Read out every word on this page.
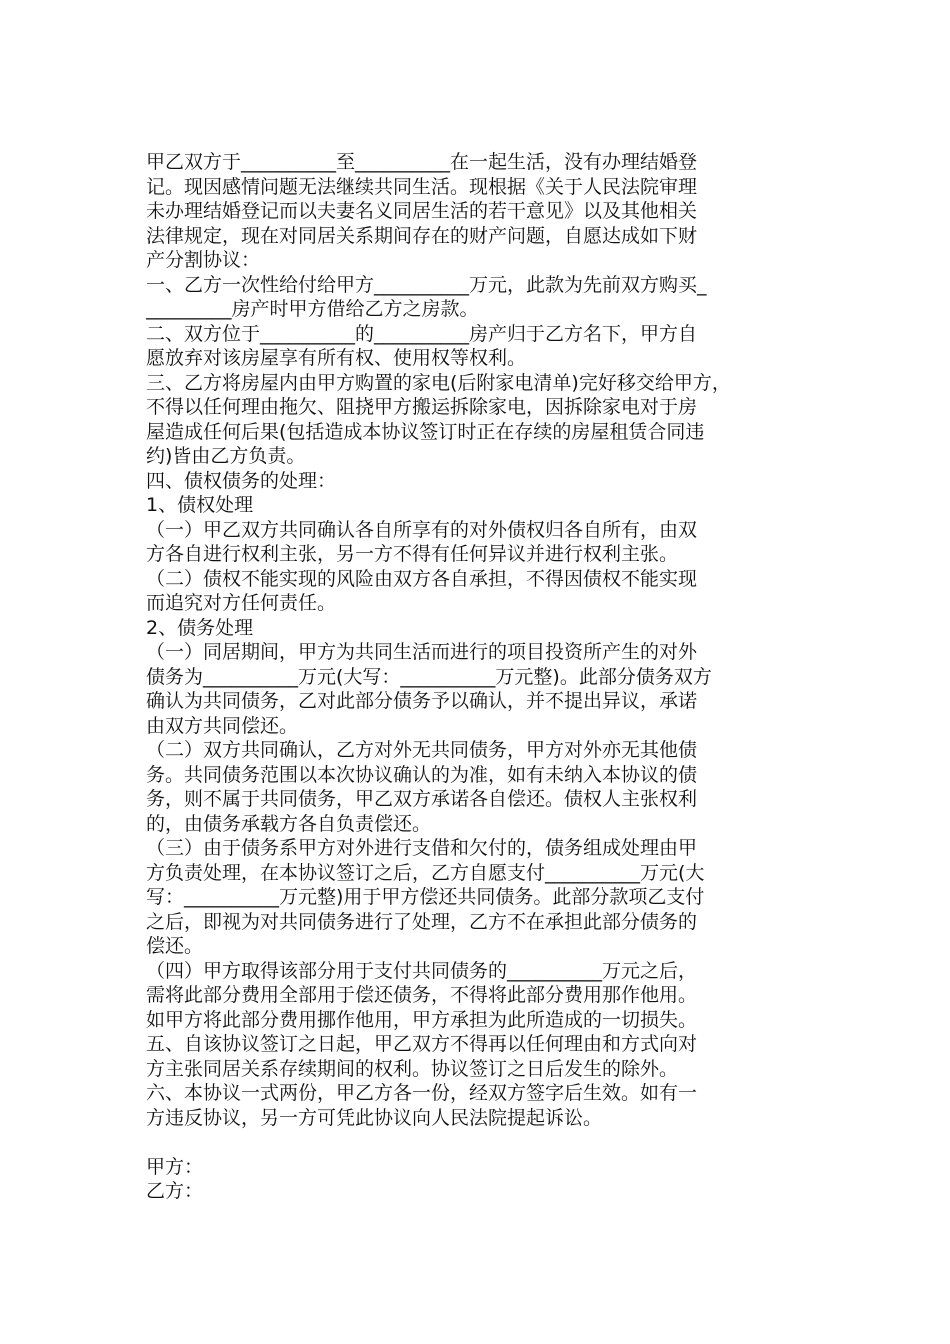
甲乙双方于__________至__________在一起生活，没有办理结婚登
记。现因感情问题无法继续共同生活。现根据《关于人民法院审理
未办理结婚登记而以夫妻名义同居生活的若干意见》以及其他相关
法律规定，现在对同居关系期间存在的财产问题，自愿达成如下财
产分割协议：
一、乙方一次性给付给甲方__________万元，此款为先前双方购买_
_________房产时甲方借给乙方之房款。
二、双方位于__________的__________房产归于乙方名下，甲方自
愿放弃对该房屋享有所有权、使用权等权利。
三、乙方将房屋内由甲方购置的家电(后附家电清单)完好移交给甲方，
不得以任何理由拖欠、阻挠甲方搬运拆除家电，因拆除家电对于房
屋造成任何后果(包括造成本协议签订时正在存续的房屋租赁合同违
约)皆由乙方负责。
四、债权债务的处理：
1、债权处理
（一）甲乙双方共同确认各自所享有的对外债权归各自所有，由双
方各自进行权利主张，另一方不得有任何异议并进行权利主张。
（二）债权不能实现的风险由双方各自承担，不得因债权不能实现
而追究对方任何责任。
2、债务处理
（一）同居期间，甲方为共同生活而进行的项目投资所产生的对外
债务为__________万元(大写：__________万元整)。此部分债务双方
确认为共同债务，乙对此部分债务予以确认，并不提出异议，承诺
由双方共同偿还。
（二）双方共同确认，乙方对外无共同债务，甲方对外亦无其他债
务。共同债务范围以本次协议确认的为准，如有未纳入本协议的债
务，则不属于共同债务，甲乙双方承诺各自偿还。债权人主张权利
的，由债务承载方各自负责偿还。
（三）由于债务系甲方对外进行支借和欠付的，债务组成处理由甲
方负责处理，在本协议签订之后，乙方自愿支付__________万元(大
写：__________万元整)用于甲方偿还共同债务。此部分款项乙支付
之后，即视为对共同债务进行了处理，乙方不在承担此部分债务的
偿还。
（四）甲方取得该部分用于支付共同债务的__________万元之后，
需将此部分费用全部用于偿还债务，不得将此部分费用那作他用。
如甲方将此部分费用挪作他用，甲方承担为此所造成的一切损失。
五、自该协议签订之日起，甲乙双方不得再以任何理由和方式向对
方主张同居关系存续期间的权利。协议签订之日后发生的除外。
六、本协议一式两份，甲乙方各一份，经双方签字后生效。如有一
方违反协议，另一方可凭此协议向人民法院提起诉讼。
甲方：
乙方：
